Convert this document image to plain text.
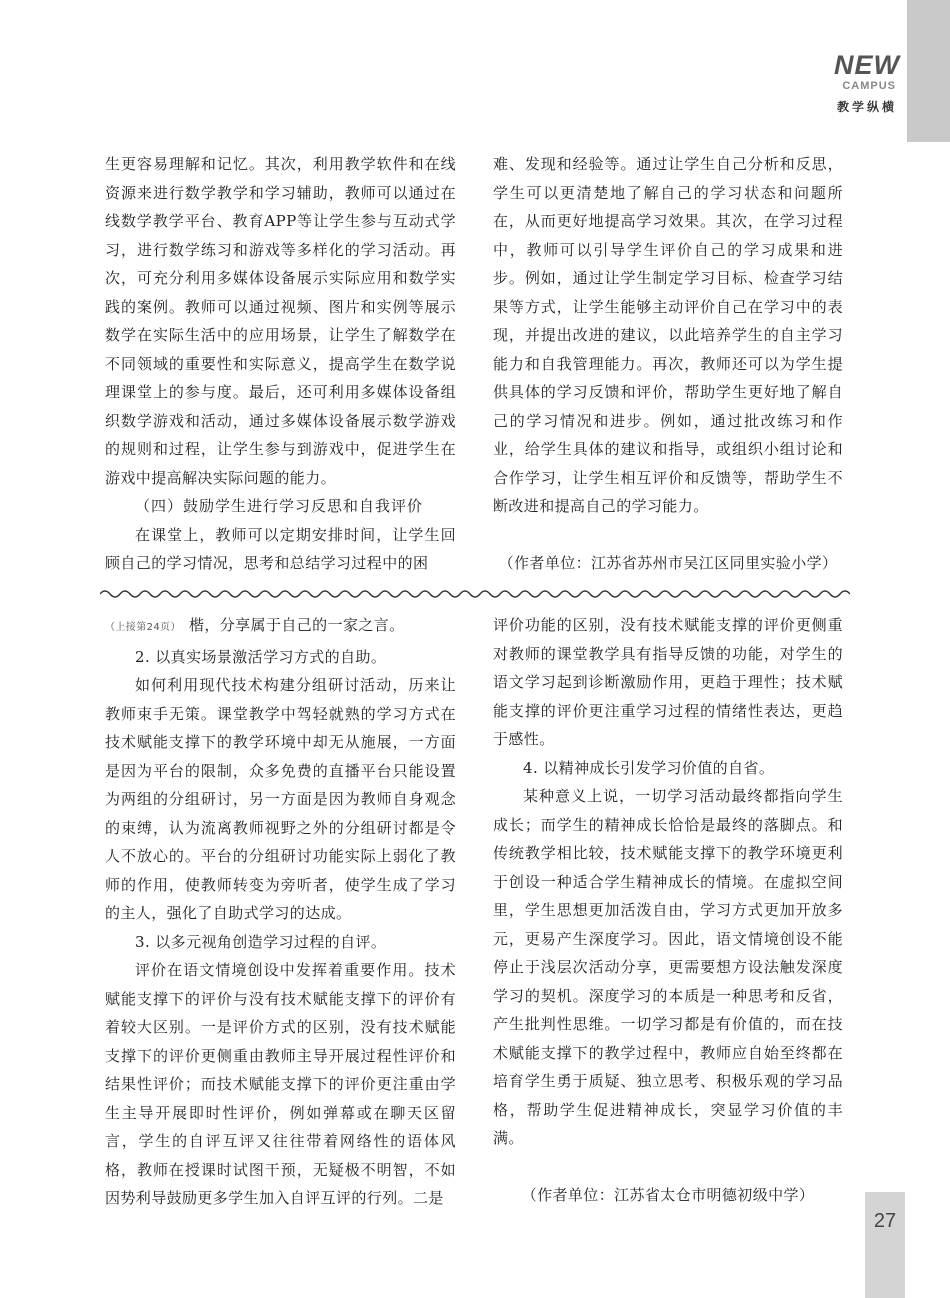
NEW
CAMPUS
教学纵横

生更容易理解和记忆。其次，利用教学软件和在线资源来进行数学教学和学习辅助，教师可以通过在线数学教学平台、教育APP等让学生参与互动式学习，进行数学练习和游戏等多样化的学习活动。再次，可充分利用多媒体设备展示实际应用和数学实践的案例。教师可以通过视频、图片和实例等展示数学在实际生活中的应用场景，让学生了解数学在不同领域的重要性和实际意义，提高学生在数学说理课堂上的参与度。最后，还可利用多媒体设备组织数学游戏和活动，通过多媒体设备展示数学游戏的规则和过程，让学生参与到游戏中，促进学生在游戏中提高解决实际问题的能力。

（四）鼓励学生进行学习反思和自我评价

在课堂上，教师可以定期安排时间，让学生回顾自己的学习情况，思考和总结学习过程中的困

难、发现和经验等。通过让学生自己分析和反思，学生可以更清楚地了解自己的学习状态和问题所在，从而更好地提高学习效果。其次，在学习过程中，教师可以引导学生评价自己的学习成果和进步。例如，通过让学生制定学习目标、检查学习结果等方式，让学生能够主动评价自己在学习中的表现，并提出改进的建议，以此培养学生的自主学习能力和自我管理能力。再次，教师还可以为学生提供具体的学习反馈和评价，帮助学生更好地了解自己的学习情况和进步。例如，通过批改练习和作业，给学生具体的建议和指导，或组织小组讨论和合作学习，让学生相互评价和反馈等，帮助学生不断改进和提高自己的学习能力。

（作者单位：江苏省苏州市吴江区同里实验小学）

（上接第24页） 楷，分享属于自己的一家之言。

2. 以真实场景激活学习方式的自助。

如何利用现代技术构建分组研讨活动，历来让教师束手无策。课堂教学中驾轻就熟的学习方式在技术赋能支撑下的教学环境中却无从施展，一方面是因为平台的限制，众多免费的直播平台只能设置为两组的分组研讨，另一方面是因为教师自身观念的束缚，认为流离教师视野之外的分组研讨都是令人不放心的。平台的分组研讨功能实际上弱化了教师的作用，使教师转变为旁听者，使学生成了学习的主人，强化了自助式学习的达成。

3. 以多元视角创造学习过程的自评。

评价在语文情境创设中发挥着重要作用。技术赋能支撑下的评价与没有技术赋能支撑下的评价有着较大区别。一是评价方式的区别，没有技术赋能支撑下的评价更侧重由教师主导开展过程性评价和结果性评价；而技术赋能支撑下的评价更注重由学生主导开展即时性评价，例如弹幕或在聊天区留言，学生的自评互评又往往带着网络性的语体风格，教师在授课时试图干预，无疑极不明智，不如因势利导鼓励更多学生加入自评互评的行列。二是

评价功能的区别，没有技术赋能支撑的评价更侧重对教师的课堂教学具有指导反馈的功能，对学生的语文学习起到诊断激励作用，更趋于理性；技术赋能支撑的评价更注重学习过程的情绪性表达，更趋于感性。

4. 以精神成长引发学习价值的自省。

某种意义上说，一切学习活动最终都指向学生成长；而学生的精神成长恰恰是最终的落脚点。和传统教学相比较，技术赋能支撑下的教学环境更利于创设一种适合学生精神成长的情境。在虚拟空间里，学生思想更加活泼自由，学习方式更加开放多元，更易产生深度学习。因此，语文情境创设不能停止于浅层次活动分享，更需要想方设法触发深度学习的契机。深度学习的本质是一种思考和反省，产生批判性思维。一切学习都是有价值的，而在技术赋能支撑下的教学过程中，教师应自始至终都在培育学生勇于质疑、独立思考、积极乐观的学习品格，帮助学生促进精神成长，突显学习价值的丰满。

（作者单位：江苏省太仓市明德初级中学）

27
